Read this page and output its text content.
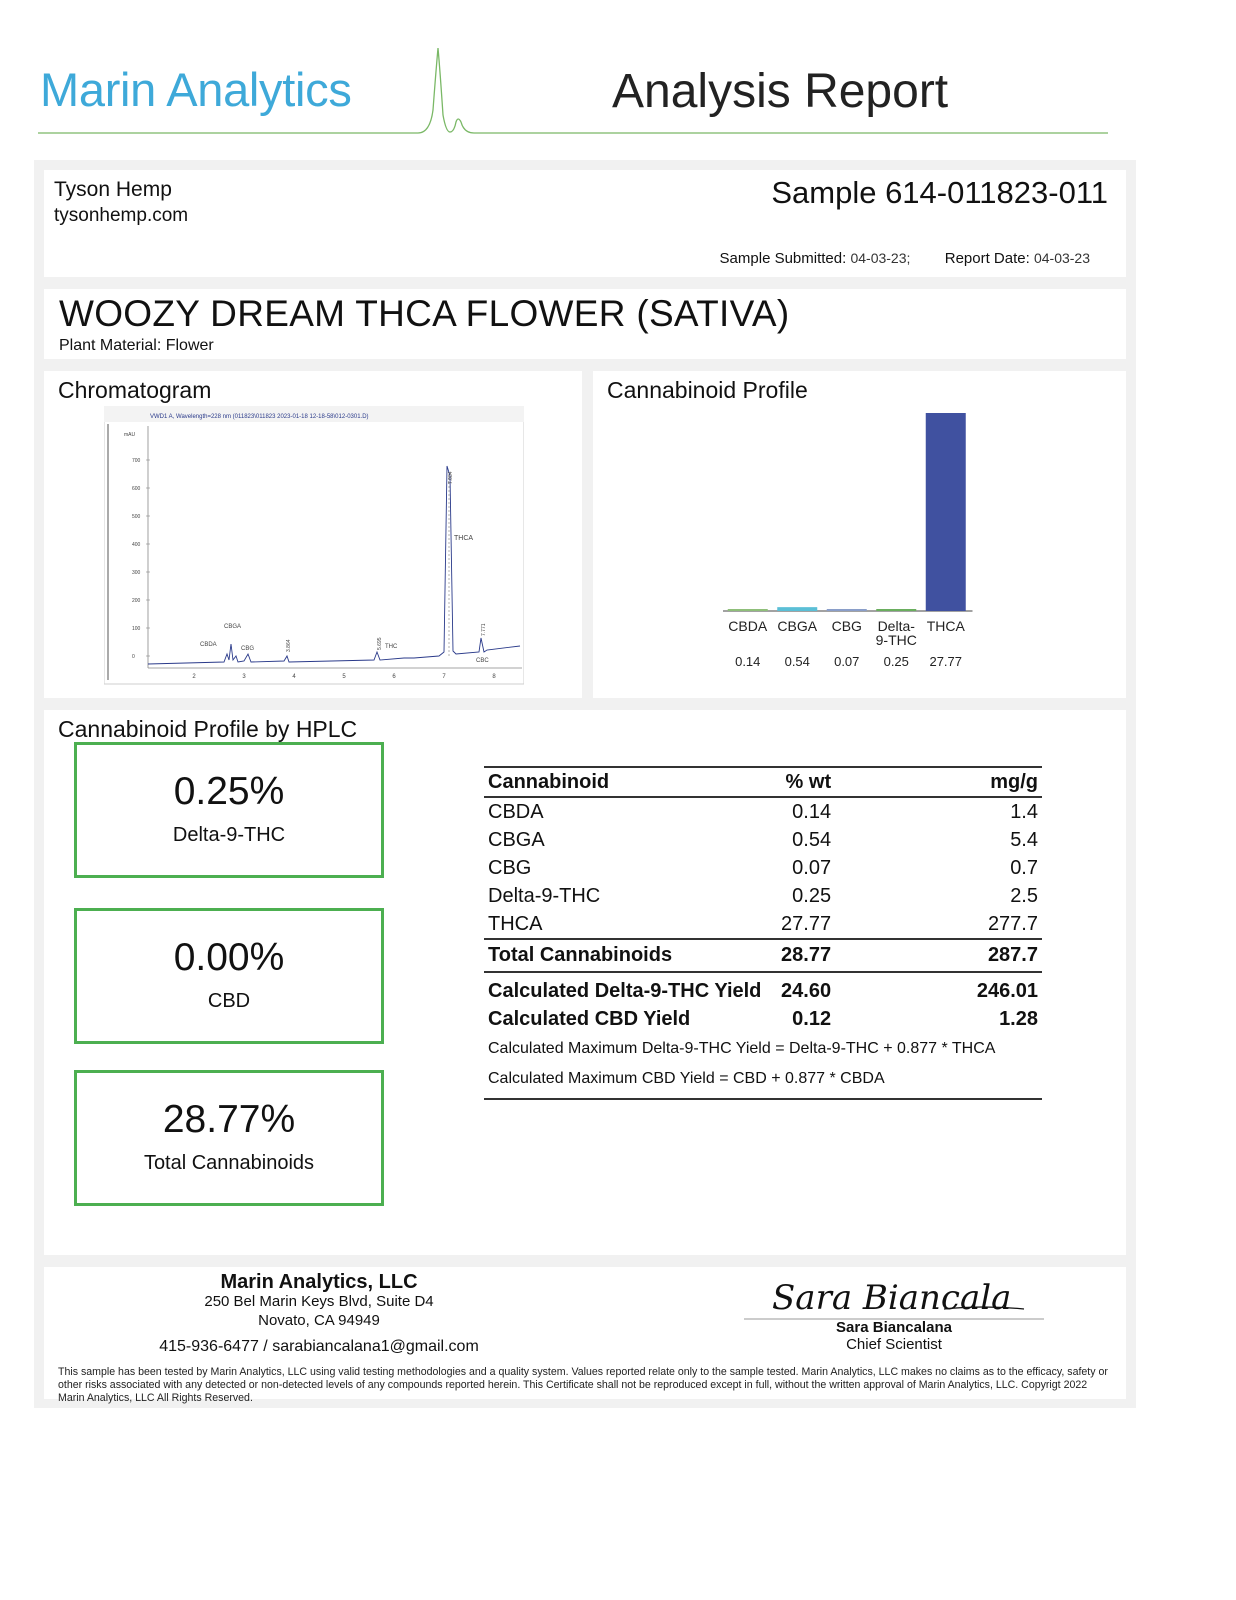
Marin Analytics	Analysis Report
Tyson Hemp
tysonhemp.com
Sample 614-011823-011
Sample Submitted: 04-03-23; Report Date: 04-03-23
WOOZY DREAM THCA FLOWER (SATIVA)
Plant Material: Flower
Chromatogram
VWD1 A, Wavelength=228 nm (011823\011823 2023-01-18 12-18-58\012-0301.D)
mAU
700
600
500
400
300
200
100
0
2	3	4	5	6	7	8
CBGA
CBDA
CBG	THC
THCA
CBC
7.084
3.864	5.695
7.771
Cannabinoid Profile
CBDA
0.14
CBGA
0.54
CBG
0.07
Delta-9-THC
0.25
THCA
27.77
Cannabinoid Profile by HPLC
0.25%
Delta-9-THC
0.00%
CBD
28.77%
Total Cannabinoids
Cannabinoid	% wt	mg/g
CBDA	0.14	1.4
CBGA	0.54	5.4
CBG	0.07	0.7
Delta-9-THC	0.25	2.5
THCA	27.77	277.7
Total Cannabinoids	28.77	287.7
Calculated Delta-9-THC Yield	24.60	246.01
Calculated CBD Yield	0.12	1.28
Calculated Maximum Delta-9-THC Yield = Delta-9-THC + 0.877 * THCA		
Calculated Maximum CBD Yield = CBD + 0.877 * CBDA		
Marin Analytics, LLC
250 Bel Marin Keys Blvd, Suite D4
Novato, CA 94949
415-936-6477 / sarabiancalana1@gmail.com
Sara Biancala
Sara Biancalana
Chief Scientist
This sample has been tested by Marin Analytics, LLC using valid testing methodologies and a quality system. Values reported relate only to the sample tested. Marin Analytics, LLC makes no claims as to the efficacy, safety or other risks associated with any detected or non-detected levels of any compounds reported herein. This Certificate shall not be reproduced except in full, without the written approval of Marin Analytics, LLC. Copyrigt 2022 Marin Analytics, LLC All Rights Reserved.
